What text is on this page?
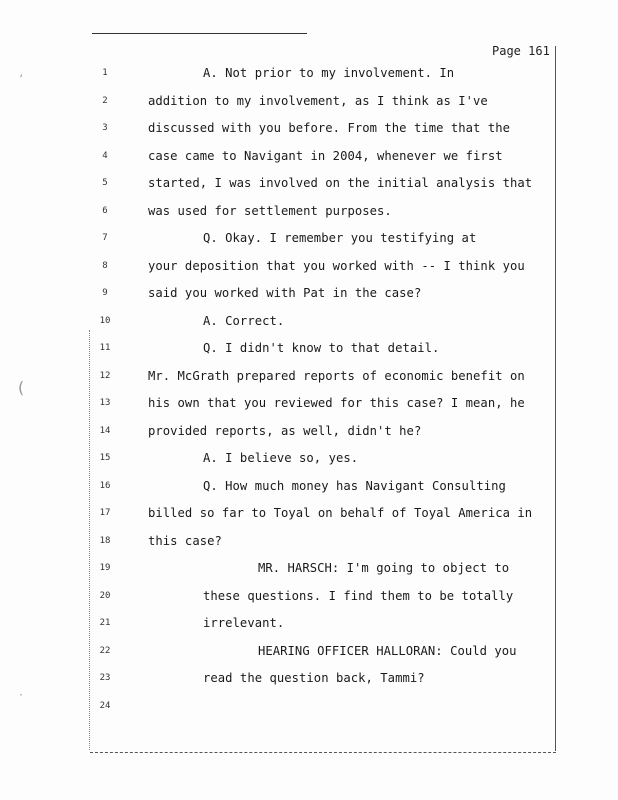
Page 161
’
(
·
1
2
3
4
5
6
7
8
9
10
11
12
13
14
15
16
17
18
19
20
21
22
23
24
A. Not prior to my involvement. In
addition to my involvement, as I think as I've
discussed with you before. From the time that the
case came to Navigant in 2004, whenever we first
started, I was involved on the initial analysis that
was used for settlement purposes.
Q. Okay. I remember you testifying at
your deposition that you worked with -- I think you
said you worked with Pat in the case?
A. Correct.
Q. I didn't know to that detail.
Mr. McGrath prepared reports of economic benefit on
his own that you reviewed for this case? I mean, he
provided reports, as well, didn't he?
A. I believe so, yes.
Q. How much money has Navigant Consulting
billed so far to Toyal on behalf of Toyal America in
this case?
MR. HARSCH: I'm going to object to
these questions. I find them to be totally
irrelevant.
HEARING OFFICER HALLORAN: Could you
read the question back, Tammi?
